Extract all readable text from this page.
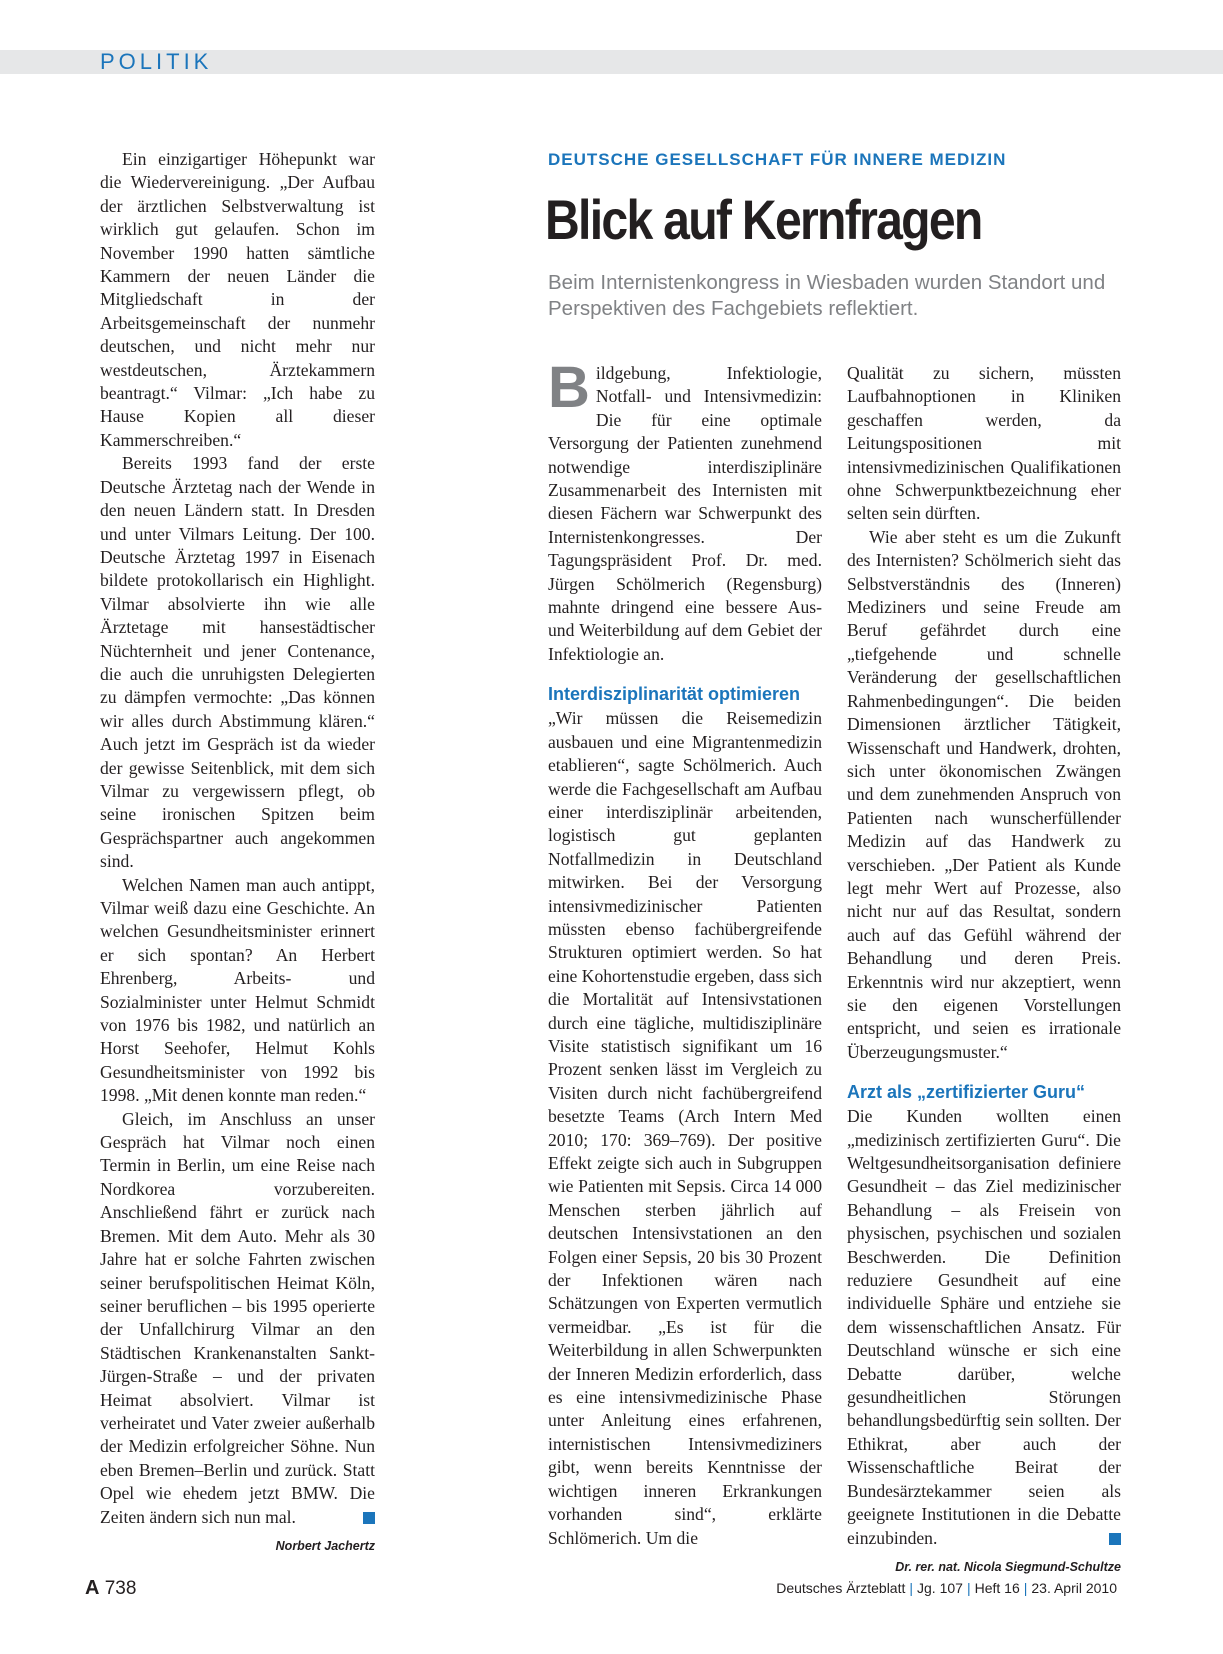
POLITIK

Ein einzigartiger Höhepunkt war die Wiedervereinigung. „Der Aufbau der ärztlichen Selbstverwaltung ist wirklich gut gelaufen. Schon im November 1990 hatten sämtliche Kammern der neuen Länder die Mitgliedschaft in der Arbeitsgemeinschaft der nunmehr deutschen, und nicht mehr nur westdeutschen, Ärztekammern beantragt.“ Vilmar: „Ich habe zu Hause Kopien all dieser Kammerschreiben.“

Bereits 1993 fand der erste Deutsche Ärztetag nach der Wende in den neuen Ländern statt. In Dresden und unter Vilmars Leitung. Der 100. Deutsche Ärztetag 1997 in Eisenach bildete protokollarisch ein Highlight. Vilmar absolvierte ihn wie alle Ärztetage mit hansestädtischer Nüchternheit und jener Contenance, die auch die unruhigsten Delegierten zu dämpfen vermochte: „Das können wir alles durch Abstimmung klären.“ Auch jetzt im Gespräch ist da wieder der gewisse Seitenblick, mit dem sich Vilmar zu vergewissern pflegt, ob seine ironischen Spitzen beim Gesprächspartner auch angekommen sind.

Welchen Namen man auch antippt, Vilmar weiß dazu eine Geschichte. An welchen Gesundheitsminister erinnert er sich spontan? An Herbert Ehrenberg, Arbeits- und Sozialminister unter Helmut Schmidt von 1976 bis 1982, und natürlich an Horst Seehofer, Helmut Kohls Gesundheitsminister von 1992 bis 1998. „Mit denen konnte man reden.“

Gleich, im Anschluss an unser Gespräch hat Vilmar noch einen Termin in Berlin, um eine Reise nach Nordkorea vorzubereiten. Anschließend fährt er zurück nach Bremen. Mit dem Auto. Mehr als 30 Jahre hat er solche Fahrten zwischen seiner berufspolitischen Heimat Köln, seiner beruflichen – bis 1995 operierte der Unfallchirurg Vilmar an den Städtischen Krankenanstalten Sankt-Jürgen-Straße – und der privaten Heimat absolviert. Vilmar ist verheiratet und Vater zweier außerhalb der Medizin erfolgreicher Söhne. Nun eben Bremen–Berlin und zurück. Statt Opel wie ehedem jetzt BMW. Die Zeiten ändern sich nun mal.

Norbert Jachertz
DEUTSCHE GESELLSCHAFT FÜR INNERE MEDIZIN
Blick auf Kernfragen
Beim Internistenkongress in Wiesbaden wurden Standort und Perspektiven des Fachgebiets reflektiert.

Bildgebung, Infektiologie, Notfall- und Intensivmedizin: Die für eine optimale Versorgung der Patienten zunehmend notwendige interdisziplinäre Zusammenarbeit des Internisten mit diesen Fächern war Schwerpunkt des Internistenkongresses. Der Tagungspräsident Prof. Dr. med. Jürgen Schölmerich (Regensburg) mahnte dringend eine bessere Aus- und Weiterbildung auf dem Gebiet der Infektiologie an.

Interdisziplinarität optimieren

„Wir müssen die Reisemedizin ausbauen und eine Migrantenmedizin etablieren“, sagte Schölmerich. Auch werde die Fachgesellschaft am Aufbau einer interdisziplinär arbeitenden, logistisch gut geplanten Notfallmedizin in Deutschland mitwirken. Bei der Versorgung intensivmedizinischer Patienten müssten ebenso fachübergreifende Strukturen optimiert werden. So hat eine Kohortenstudie ergeben, dass sich die Mortalität auf Intensivstationen durch eine tägliche, multidisziplinäre Visite statistisch signifikant um 16 Prozent senken lässt im Vergleich zu Visiten durch nicht fachübergreifend besetzte Teams (Arch Intern Med 2010; 170: 369–769). Der positive Effekt zeigte sich auch in Subgruppen wie Patienten mit Sepsis. Circa 14 000 Menschen sterben jährlich auf deutschen Intensivstationen an den Folgen einer Sepsis, 20 bis 30 Prozent der Infektionen wären nach Schätzungen von Experten vermutlich vermeidbar. „Es ist für die Weiterbildung in allen Schwerpunkten der Inneren Medizin erforderlich, dass es eine intensivmedizinische Phase unter Anleitung eines erfahrenen, internistischen Intensivmediziners gibt, wenn bereits Kenntnisse der wichtigen inneren Erkrankungen vorhanden sind“, erklärte Schlömerich. Um die

Qualität zu sichern, müssten Laufbahnoptionen in Kliniken geschaffen werden, da Leitungspositionen mit intensivmedizinischen Qualifikationen ohne Schwerpunktbezeichnung eher selten sein dürften.

Wie aber steht es um die Zukunft des Internisten? Schölmerich sieht das Selbstverständnis des (Inneren) Mediziners und seine Freude am Beruf gefährdet durch eine „tiefgehende und schnelle Veränderung der gesellschaftlichen Rahmenbedingungen“. Die beiden Dimensionen ärztlicher Tätigkeit, Wissenschaft und Handwerk, drohten, sich unter ökonomischen Zwängen und dem zunehmenden Anspruch von Patienten nach wunscherfüllender Medizin auf das Handwerk zu verschieben. „Der Patient als Kunde legt mehr Wert auf Prozesse, also nicht nur auf das Resultat, sondern auch auf das Gefühl während der Behandlung und deren Preis. Erkenntnis wird nur akzeptiert, wenn sie den eigenen Vorstellungen entspricht, und seien es irrationale Überzeugungsmuster.“

Arzt als „zertifizierter Guru“

Die Kunden wollten einen „medizinisch zertifizierten Guru“. Die Weltgesundheitsorganisation definiere Gesundheit – das Ziel medizinischer Behandlung – als Freisein von physischen, psychischen und sozialen Beschwerden. Die Definition reduziere Gesundheit auf eine individuelle Sphäre und entziehe sie dem wissenschaftlichen Ansatz. Für Deutschland wünsche er sich eine Debatte darüber, welche gesundheitlichen Störungen behandlungsbedürftig sein sollten. Der Ethikrat, aber auch der Wissenschaftliche Beirat der Bundesärztekammer seien als geeignete Institutionen in die Debatte einzubinden.

Dr. rer. nat. Nicola Siegmund-Schultze
A 738	Deutsches Ärzteblatt | Jg. 107 | Heft 16 | 23. April 2010
